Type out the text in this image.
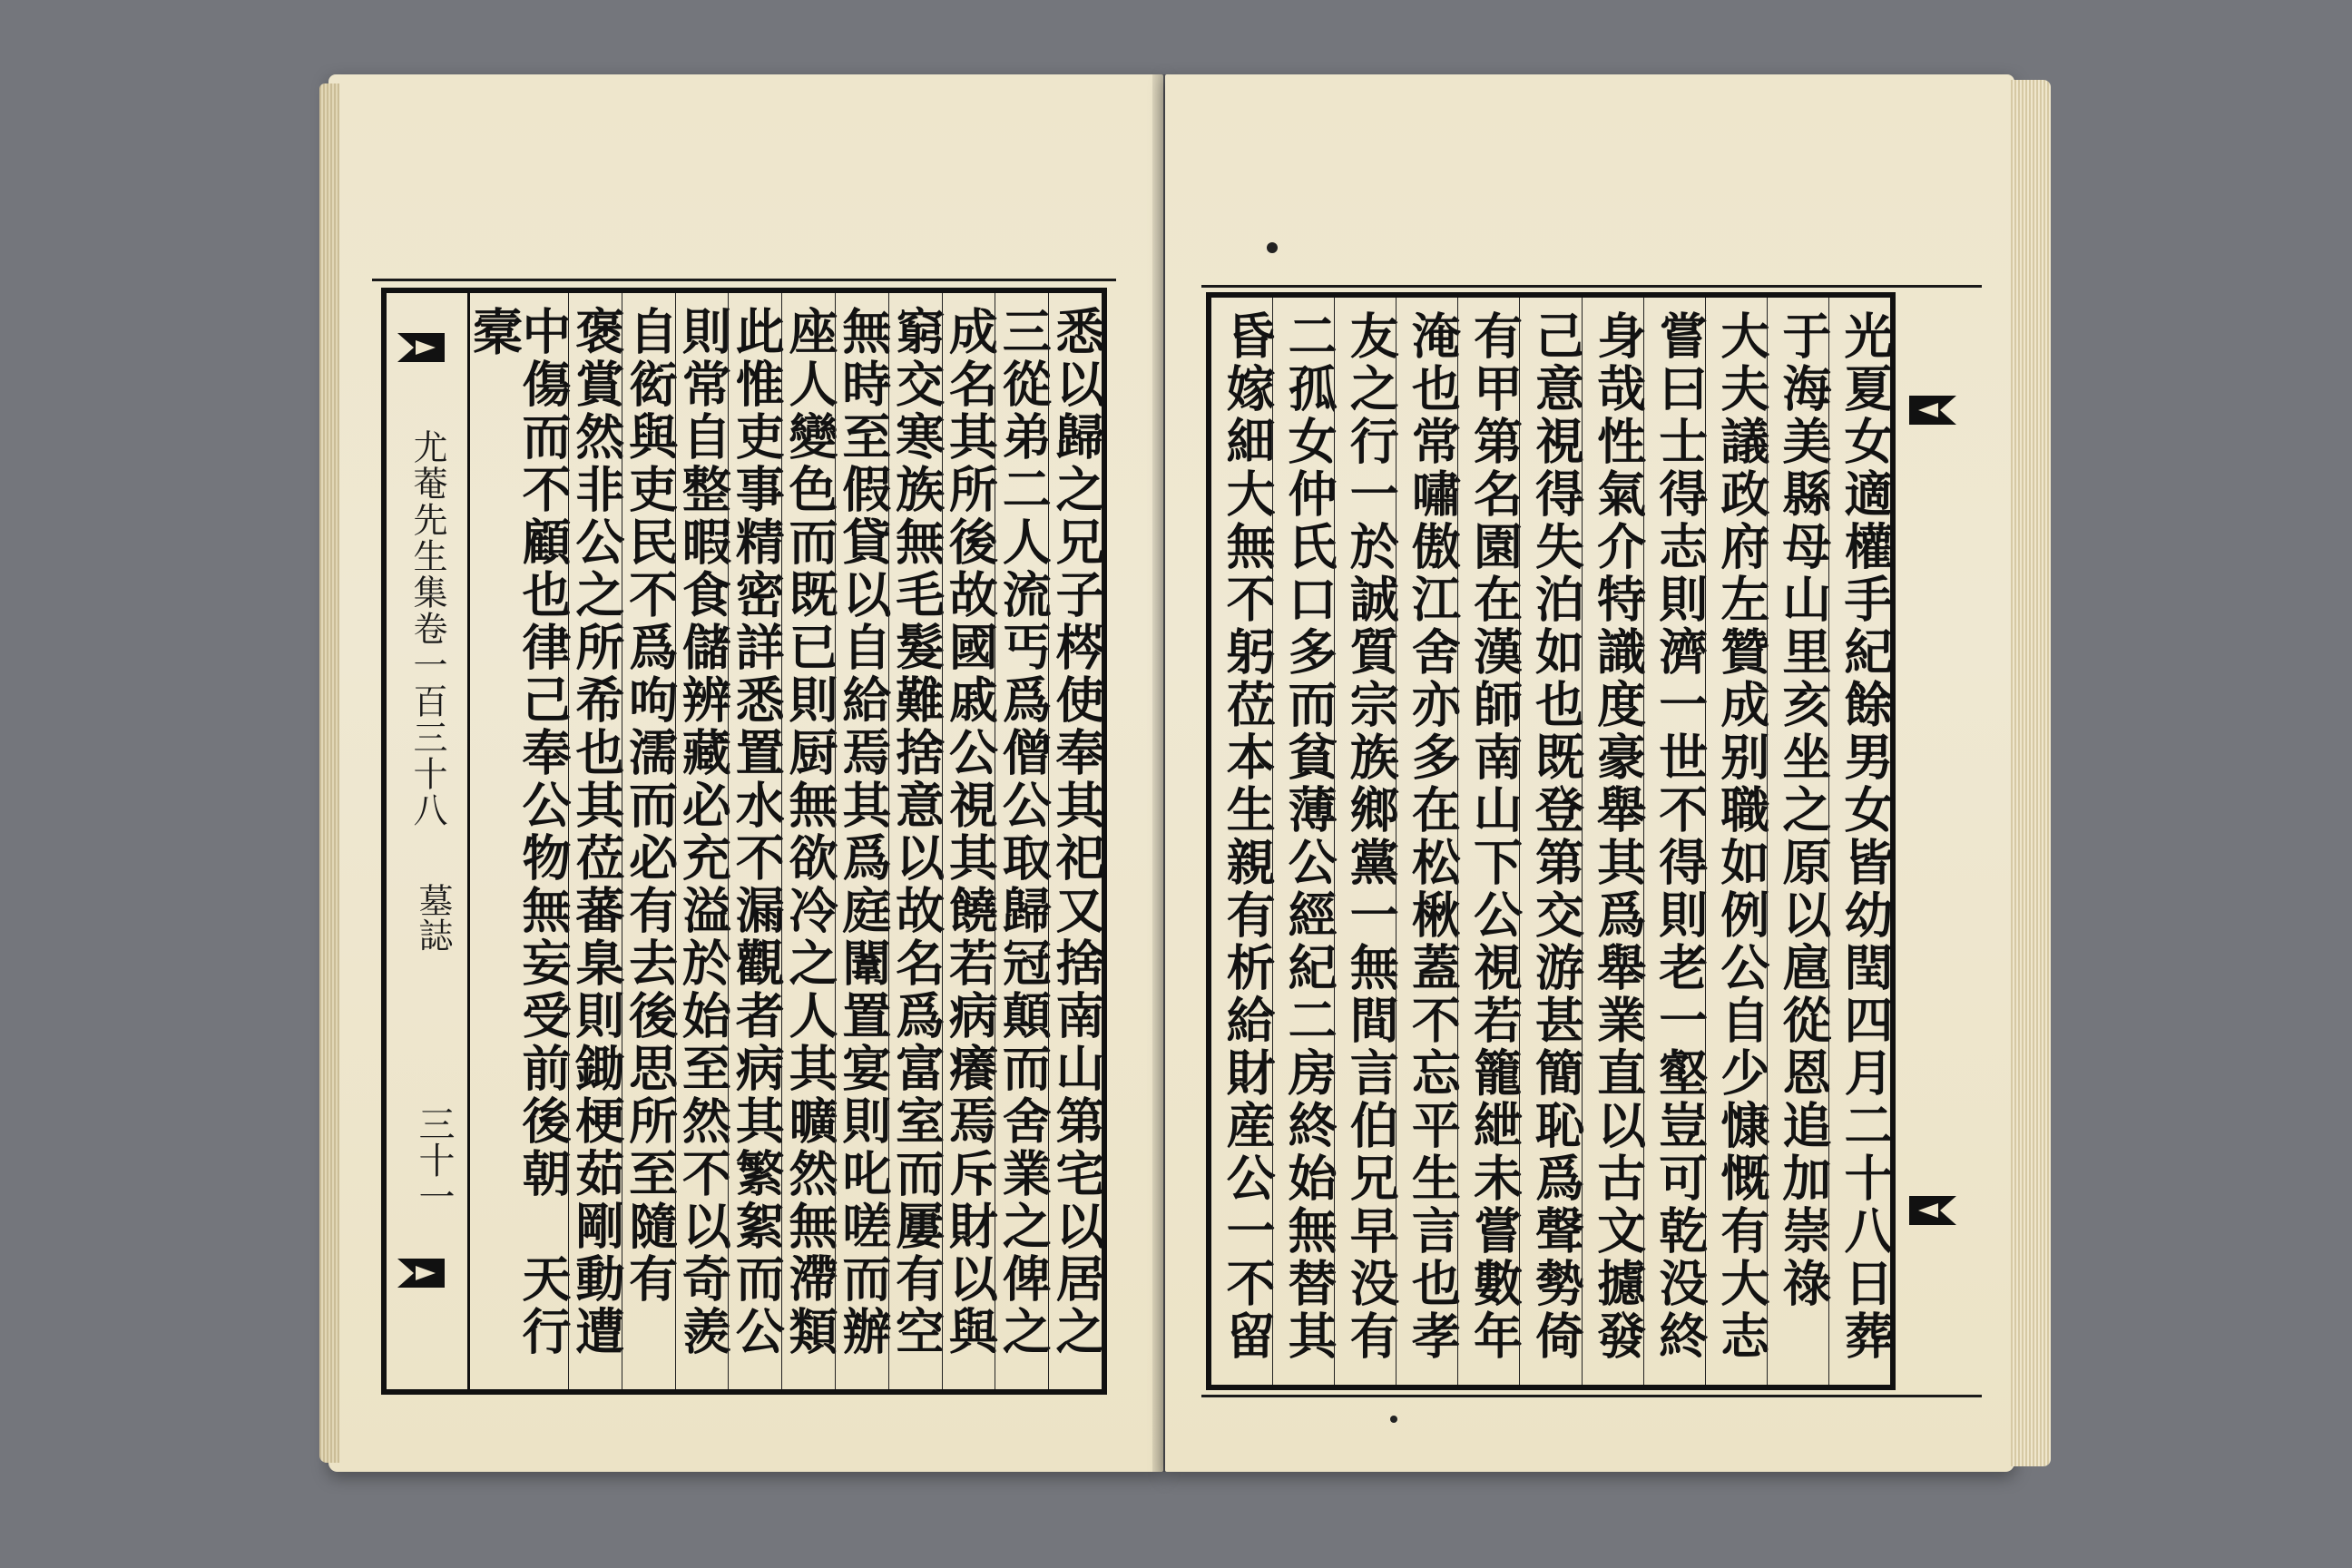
尤菴先生集卷一百三十八
墓誌
三十一	悉以歸之兄子梣使奉其祀又捨南山第宅以居之
三從弟二人流丐爲僧公取歸冠顛而舍業之俾之
成名其所後故國戚公視其饒若病癢焉斥財以與
窮交寒族無毛髮難捨意以故名爲富室而屢有空
無時至假貸以自給焉其爲庭闈置宴則叱嗟而辦
座人變色而既已則厨無欲冷之人其曠然無滯類
此惟吏事精密詳悉置水不漏觀者病其繁絮而公
則常自整暇食儲辨藏必充溢於始至然不以奇羨
自衒與吏民不爲呴濡而必有去後思所至隨有
褒賞然非公之所希也其莅蕃臬則鋤梗茹剛動遭
中傷而不顧也律己奉公物無妄受前後朝　天行槖	光夏女適權手紀餘男女皆幼閏四月二十八日葬
于海美縣母山里亥坐之原以扈從恩追加崇祿
大夫議政府左贊成别職如例公自少慷慨有大志
嘗曰士得志則濟一世不得則老一壑豈可乾没終
身哉性氣介特識度豪舉其爲舉業直以古文攄發
己意視得失泊如也既登第交游甚簡恥爲聲勢倚
有甲第名園在漢師南山下公視若籠紲未嘗數年
淹也常嘯傲江舍亦多在松楸蓋不忘平生言也孝
友之行一於誠質宗族鄉黨一無間言伯兄早没有
二孤女仲氏口多而貧薄公經紀二房終始無替其
昏嫁細大無不躬莅本生親有析給財産公一不留
